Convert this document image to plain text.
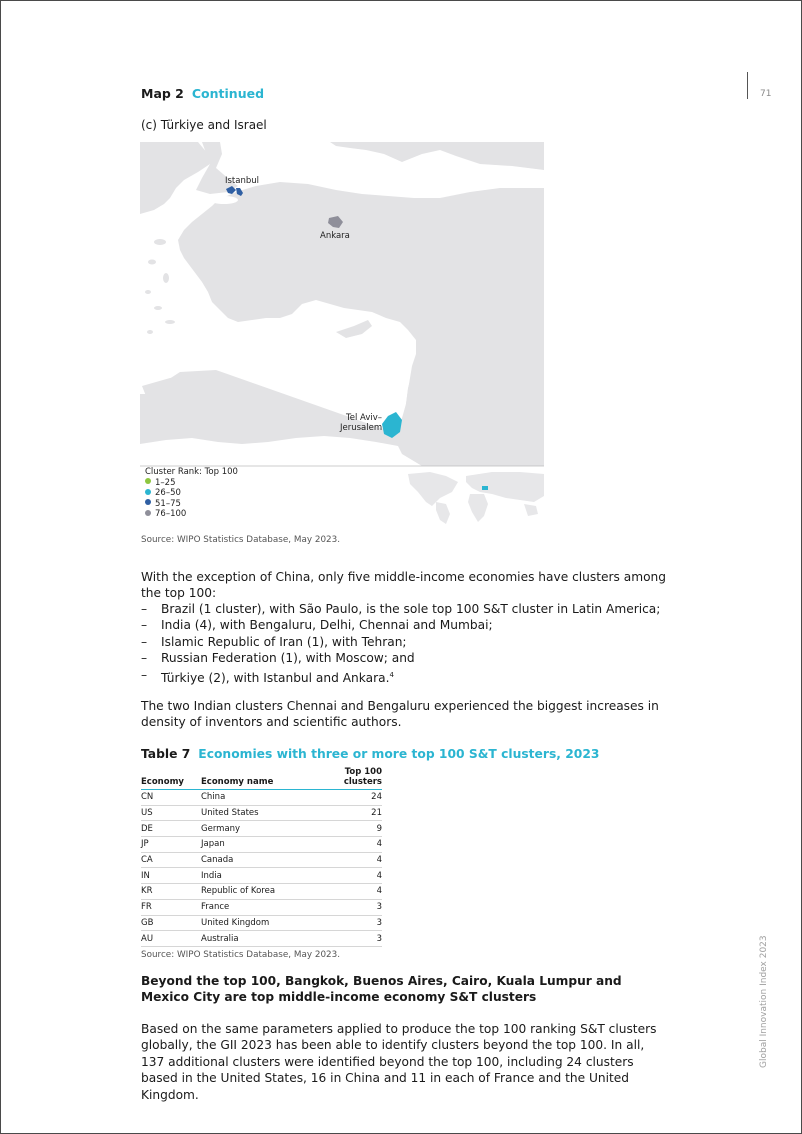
Map 2 Continued	71
(c) Türkiye and Israel
Istanbul
Ankara
Tel Aviv–
Jerusalem
Cluster Rank: Top 100
1–25
26–50
51–75
76–100
Source: WIPO Statistics Database, May 2023.
With the exception of China, only five middle-income economies have clusters among the top 100:
– Brazil (1 cluster), with São Paulo, is the sole top 100 S&T cluster in Latin America;
– India (4), with Bengaluru, Delhi, Chennai and Mumbai;
– Islamic Republic of Iran (1), with Tehran;
– Russian Federation (1), with Moscow; and
– Türkiye (2), with Istanbul and Ankara.$^4$
The two Indian clusters Chennai and Bengaluru experienced the biggest increases in density of inventors and scientific authors.
Table 7 Economies with three or more top 100 S&T clusters, 2023
Economy	Economy name	Top 100
clusters
CN	China	24
US	United States	21
DE	Germany	9
JP	Japan	4
CA	Canada	4
IN	India	4
KR	Republic of Korea	4
FR	France	3
GB	United Kingdom	3
AU	Australia	3
Source: WIPO Statistics Database, May 2023.
Beyond the top 100, Bangkok, Buenos Aires, Cairo, Kuala Lumpur and Mexico City are top middle-income economy S&T clusters
Based on the same parameters applied to produce the top 100 ranking S&T clusters globally, the GII 2023 has been able to identify clusters beyond the top 100. In all, 137 additional clusters were identified beyond the top 100, including 24 clusters based in the United States, 16 in China and 11 in each of France and the United Kingdom.
Global Innovation Index 2023
